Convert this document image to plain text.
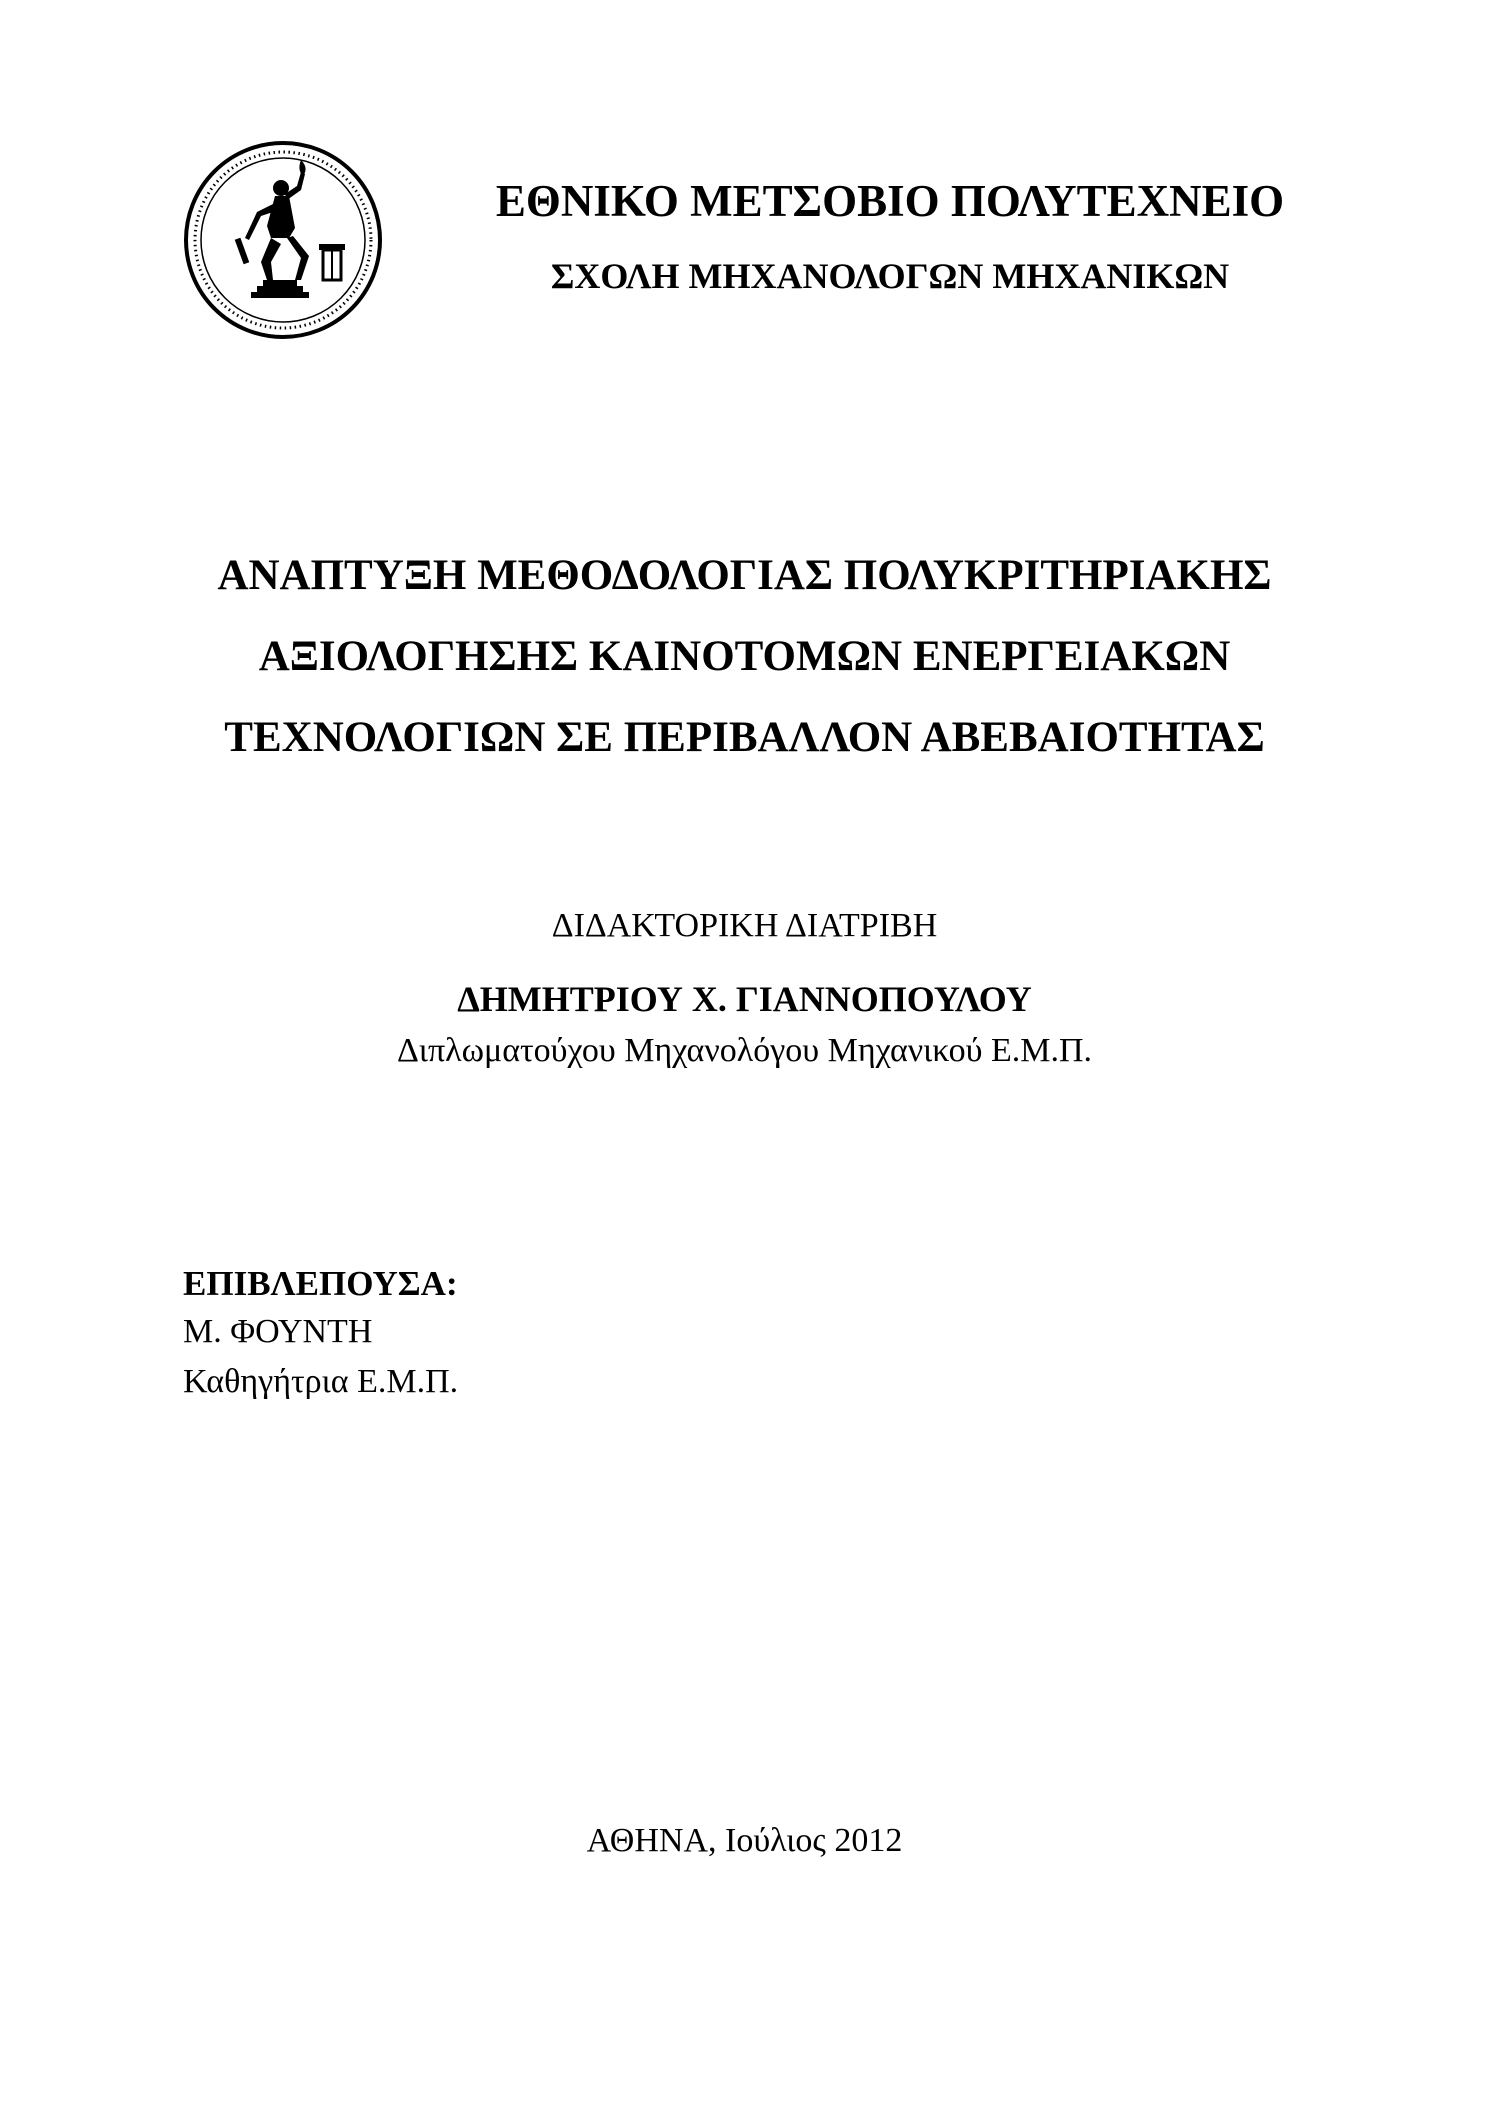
ΕΘΝΙΚΟ ΜΕΤΣΟΒΙΟ ΠΟΛΥΤΕΧΝΕΙΟ
ΣΧΟΛΗ ΜΗΧΑΝΟΛΟΓΩΝ ΜΗΧΑΝΙΚΩΝ
ΑΝΑΠΤΥΞΗ ΜΕΘΟΔΟΛΟΓΙΑΣ ΠΟΛΥΚΡΙΤΗΡΙΑΚΗΣ
ΑΞΙΟΛΟΓΗΣΗΣ ΚΑΙΝΟΤΟΜΩΝ ΕΝΕΡΓΕΙΑΚΩΝ
ΤΕΧΝΟΛΟΓΙΩΝ ΣΕ ΠΕΡΙΒΑΛΛΟΝ ΑΒΕΒΑΙΟΤΗΤΑΣ
ΔΙΔΑΚΤΟΡΙΚΗ ΔΙΑΤΡΙΒΗ
ΔΗΜΗΤΡΙΟΥ Χ. ΓΙΑΝΝΟΠΟΥΛΟΥ
Διπλωματούχου Μηχανολόγου Μηχανικού Ε.Μ.Π.
ΕΠΙΒΛΕΠΟΥΣΑ:
Μ. ΦΟΥΝΤΗ
Καθηγήτρια Ε.Μ.Π.
ΑΘΗΝΑ, Ιούλιος 2012
